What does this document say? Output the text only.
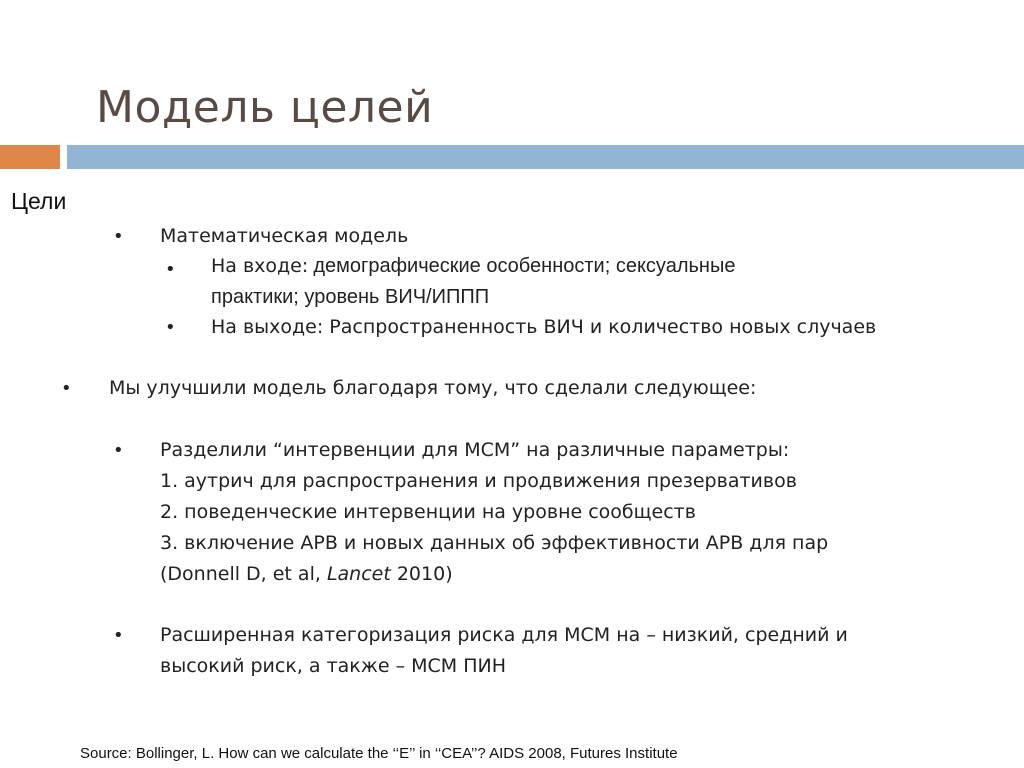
Модель целей
Цели
• Математическая модель
• На входе: демографические особенности; сексуальные
практики; уровень ВИЧ/ИППП
• На выходе: Распространенность ВИЧ и количество новых случаев
• Мы улучшили модель благодаря тому, что сделали следующее:
• Разделили “интервенции для МСМ” на различные параметры:
1. аутрич для распространения и продвижения презервативов
2. поведенческие интервенции на уровне сообществ
3. включение АРВ и новых данных об эффективности АРВ для пар
(Donnell D, et al, Lancet 2010)
• Расширенная категоризация риска для МСМ на – низкий, средний и
высокий риск, а также – МСМ ПИН
Source: Bollinger, L. How can we calculate the ‘‘E’’ in ‘‘CEA’’? AIDS 2008, Futures Institute
